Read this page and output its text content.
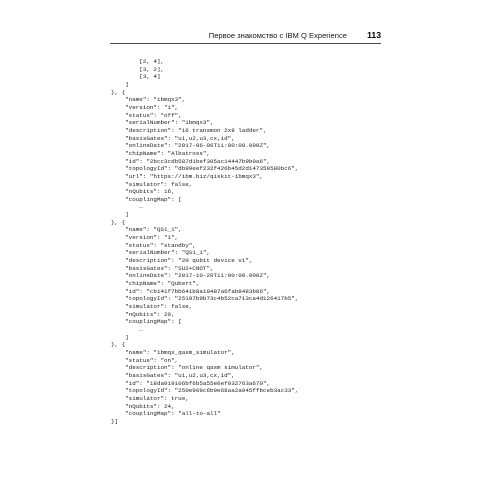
Первое знакомство с IBM Q Experience 113
[2, 4],
[3, 2],
[3, 4]
]
}, {
"name": "ibmqx3",
"version": "1",
"status": "off",
"serialNumber": "ibmqx3",
"description": "16 transmon 2x8 ladder",
"basisGates": "u1,u2,u3,cx,id",
"onlineDate": "2017-06-06T11:00:00.000Z",
"chipName": "Albatross",
"id": "2bcc3cdb587d1bef305ac14447b9b0a6",
"topologyId": "db99eef232f426b45d2d147359580bc6",
"url": "https://ibm.biz/qiskit-ibmqx3",
"simulator": false,
"nQubits": 16,
"couplingMap": [
…
]
}, {
"name": "QS1_1",
"version": "1",
"status": "standby",
"serialNumber": "QS1_1",
"description": "20 qubit device v1",
"basisGates": "SU2+CNOT",
"onlineDate": "2017-10-20T11:00:00.000Z",
"chipName": "Qubert",
"id": "cb141f7bb641b8a10487a6fab8483b86",
"topologyId": "25197b9b73c4b52ca713ca4d126417b5",
"simulator": false,
"nQubits": 20,
"couplingMap": [
…
]
}, {
"name": "ibmqx_qasm_simulator",
"status": "on",
"description": "online qasm simulator",
"basisGates": "u1,u2,u3,cx,id",
"id": "18da019106bf6b5a55e0ef932763a670",
"topologyId": "250e969c6b9e68aa2a045ffbceb3ac33",
"simulator": true,
"nQubits": 24,
"couplingMap": "all-to-all"
}]
